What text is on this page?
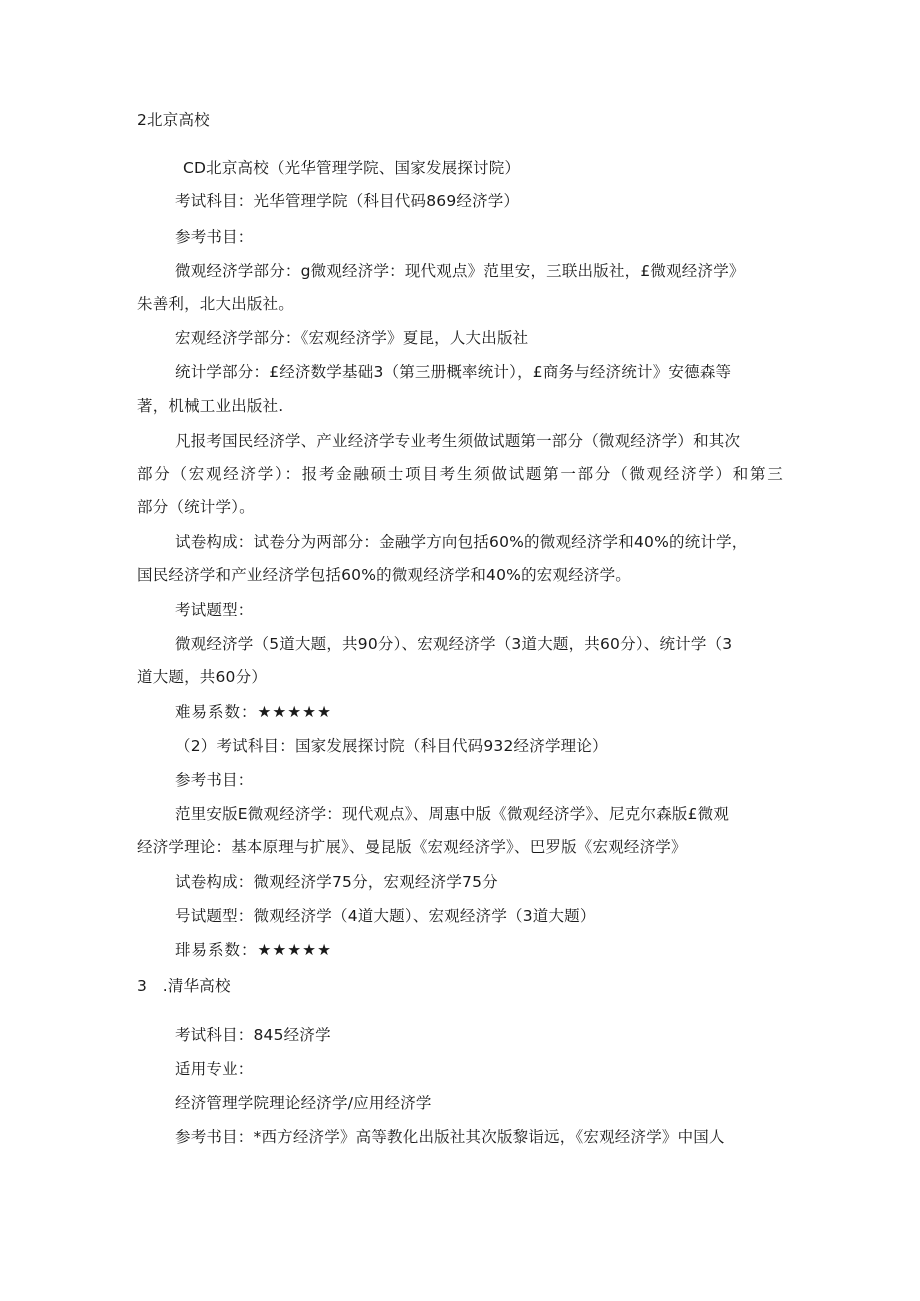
2北京高校
CD北京高校（光华管理学院、国家发展探讨院）
考试科目：光华管理学院（科目代码869经济学）
参考书目：
微观经济学部分：g微观经济学：现代观点》范里安，三联出版社，£微观经济学》
朱善利，北大出版社。
宏观经济学部分：《宏观经济学》夏昆，人大出版社
统计学部分：£经济数学基础3（第三册概率统计），£商务与经济统计》安德森等
著，机械工业出版社.
凡报考国民经济学、产业经济学专业考生须做试题第一部分（微观经济学）和其次
部分（宏观经济学）：报考金融硕士项目考生须做试题第一部分（微观经济学）和第三
部分（统计学）。
试卷构成：试卷分为两部分：金融学方向包括60%的微观经济学和40%的统计学，
国民经济学和产业经济学包括60%的微观经济学和40%的宏观经济学。
考试题型：
微观经济学（5道大题，共90分）、宏观经济学（3道大题，共60分）、统计学（3
道大题，共60分）
难易系数：★★★★★
（2）考试科目：国家发展探讨院（科目代码932经济学理论）
参考书目：
范里安版E微观经济学：现代观点》、周惠中版《微观经济学》、尼克尔森版£微观
经济学理论：基本原理与扩展》、曼昆版《宏观经济学》、巴罗版《宏观经济学》
试卷构成：微观经济学75分，宏观经济学75分
号试题型：微观经济学（4道大题）、宏观经济学（3道大题）
琲易系数：★★★★★
3　.清华高校
考试科目：845经济学
适用专业：
经济管理学院理论经济学/应用经济学
参考书目：*西方经济学》高等教化出版社其次版黎诣远，《宏观经济学》中国人
